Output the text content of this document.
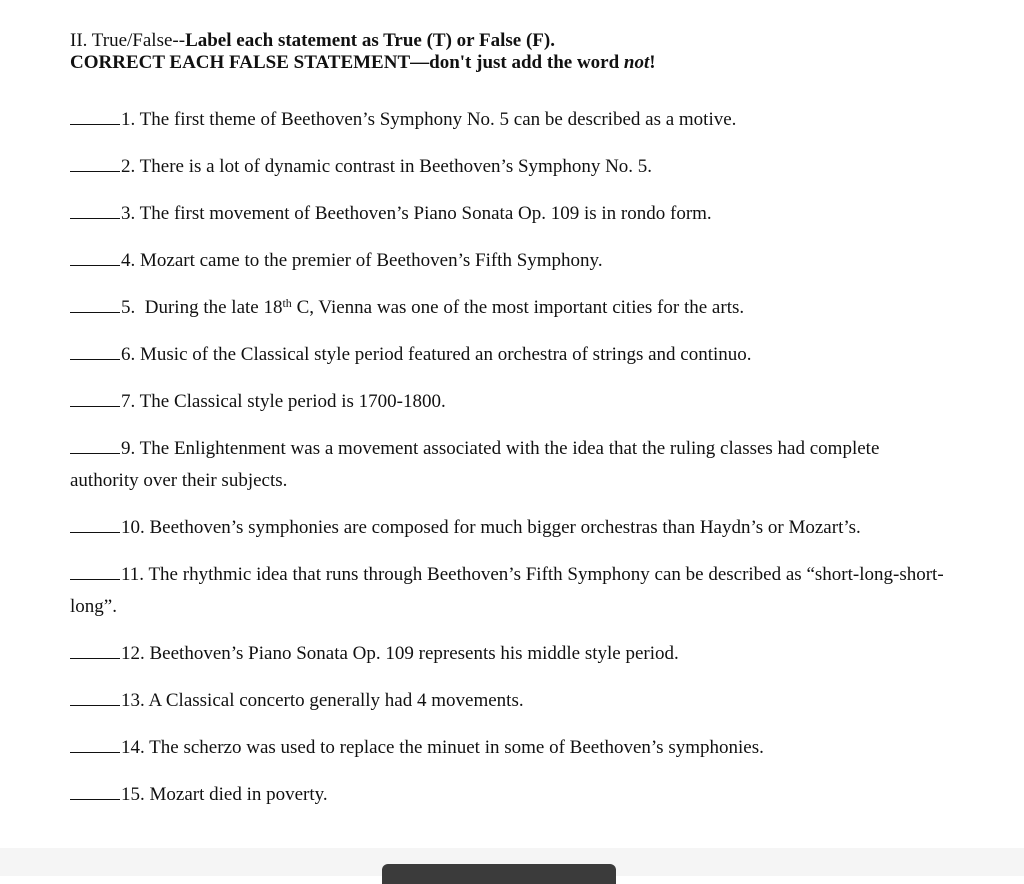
II. True/False--Label each statement as True (T) or False (F).
CORRECT EACH FALSE STATEMENT—don't just add the word not!

1. The first theme of Beethoven’s Symphony No. 5 can be described as a motive.

2. There is a lot of dynamic contrast in Beethoven’s Symphony No. 5.

3. The first movement of Beethoven’s Piano Sonata Op. 109 is in rondo form.

4. Mozart came to the premier of Beethoven’s Fifth Symphony.

5.  During the late 18th C, Vienna was one of the most important cities for the arts.

6. Music of the Classical style period featured an orchestra of strings and continuo.

7. The Classical style period is 1700-1800.

9. The Enlightenment was a movement associated with the idea that the ruling classes had complete authority over their subjects.

10. Beethoven’s symphonies are composed for much bigger orchestras than Haydn’s or Mozart’s.

11. The rhythmic idea that runs through Beethoven’s Fifth Symphony can be described as “short-long-short-long”.

12. Beethoven’s Piano Sonata Op. 109 represents his middle style period.

13. A Classical concerto generally had 4 movements.

14. The scherzo was used to replace the minuet in some of Beethoven’s symphonies.

15. Mozart died in poverty.
